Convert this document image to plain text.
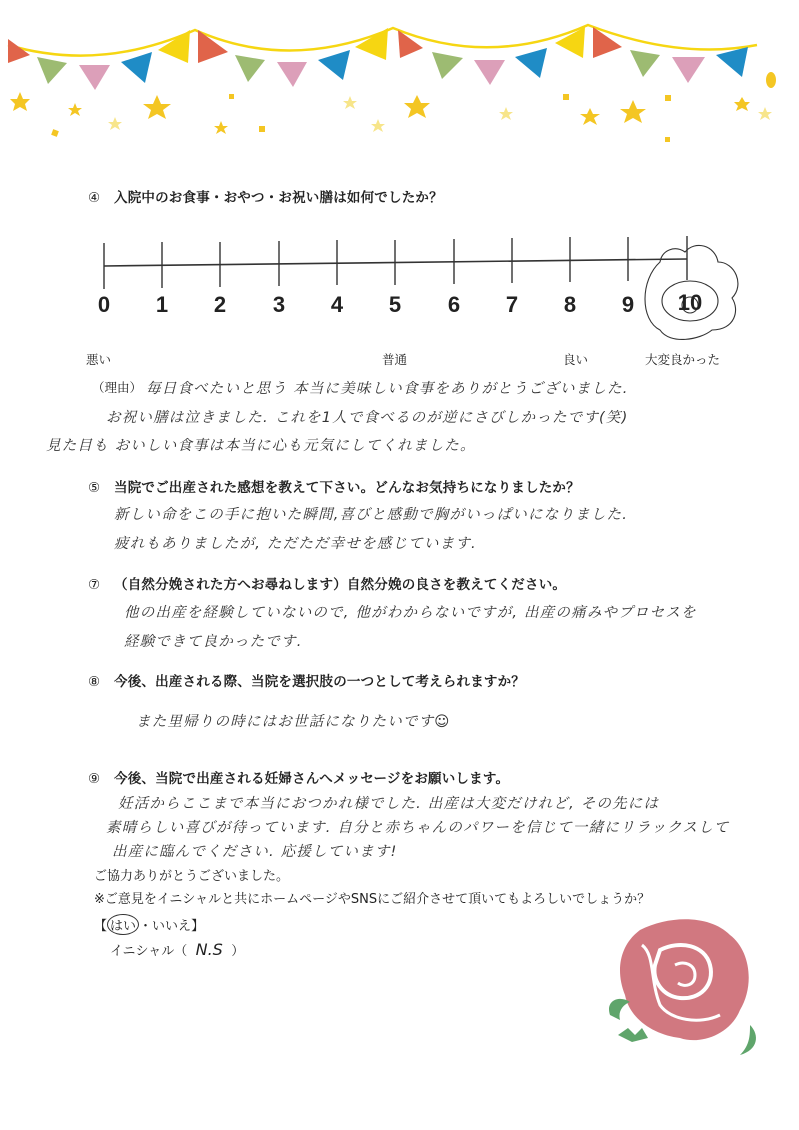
④ 入院中のお食事・おやつ・お祝い膳は如何でしたか？
0 1 2 3 4 5 6 7 8 9 10
悪い	普通	良い	大変良かった
（理由） 毎日食べたいと思う 本当に美味しい食事をありがとうございました.
お祝い膳は泣きました. これを1人で食べるのが逆にさびしかったです(笑)
見た目も おいしい食事は本当に心も元気にしてくれました。
⑤ 当院でご出産された感想を教えて下さい。どんなお気持ちになりましたか？
新しい命をこの手に抱いた瞬間,喜びと感動で胸がいっぱいになりました.
疲れもありましたが, ただただ幸せを感じています.
⑦ （自然分娩された方へお尋ねします）自然分娩の良さを教えてください。
他の出産を経験していないので, 他がわからないですが, 出産の痛みやプロセスを
経験できて良かったです.
⑧ 今後、出産される際、当院を選択肢の一つとして考えられますか？
また里帰りの時にはお世話になりたいです☺
⑨ 今後、当院で出産される妊婦さんへメッセージをお願いします。
妊活からここまで本当におつかれ様でした. 出産は大変だけれど, その先には
素晴らしい喜びが待っています. 自分と赤ちゃんのパワーを信じて一緒にリラックスして
出産に臨んでください. 応援しています!
ご協力ありがとうございました。
※ご意見をイニシャルと共にホームページやSNSにご紹介させて頂いてもよろしいでしょうか？
【 はい ・いいえ】
イニシャル（ N.S ）
